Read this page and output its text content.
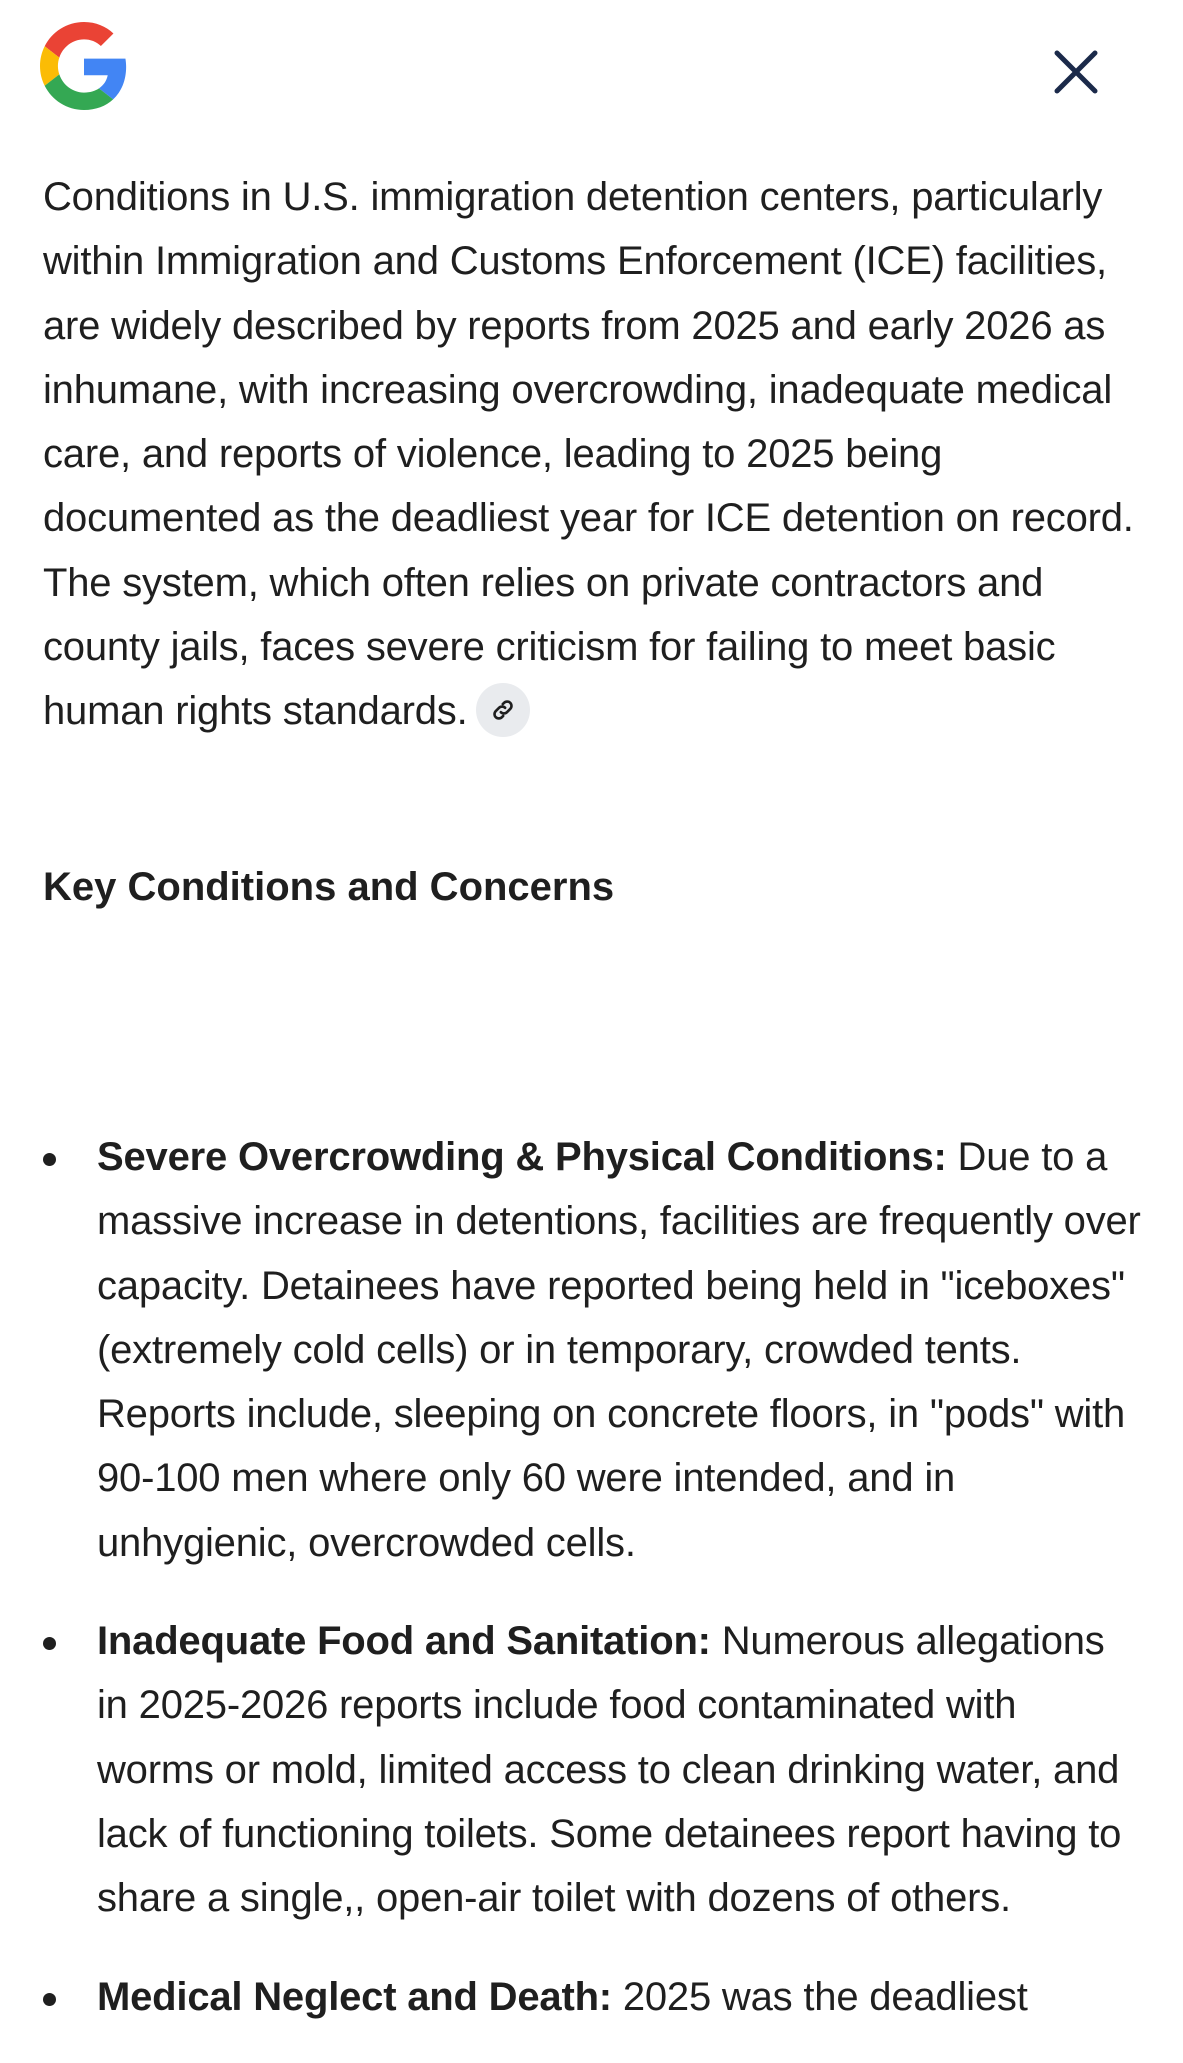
Conditions in U.S. immigration detention centers, particularly within Immigration and Customs Enforcement (ICE) facilities, are widely described by reports from 2025 and early 2026 as inhumane, with increasing overcrowding, inadequate medical care, and reports of violence, leading to 2025 being documented as the deadliest year for ICE detention on record. The system, which often relies on private contractors and county jails, faces severe criticism for failing to meet basic human rights standards.

Key Conditions and Concerns
Severe Overcrowding & Physical Conditions: Due to a massive increase in detentions, facilities are frequently over capacity. Detainees have reported being held in "iceboxes" (extremely cold cells) or in temporary, crowded tents. Reports include, sleeping on concrete floors, in "pods" with 90-100 men where only 60 were intended, and in unhygienic, overcrowded cells.
Inadequate Food and Sanitation: Numerous allegations in 2025-2026 reports include food contaminated with worms or mold, limited access to clean drinking water, and lack of functioning toilets. Some detainees report having to share a single,, open-air toilet with dozens of others.
Medical Neglect and Death: 2025 was the deadliest
